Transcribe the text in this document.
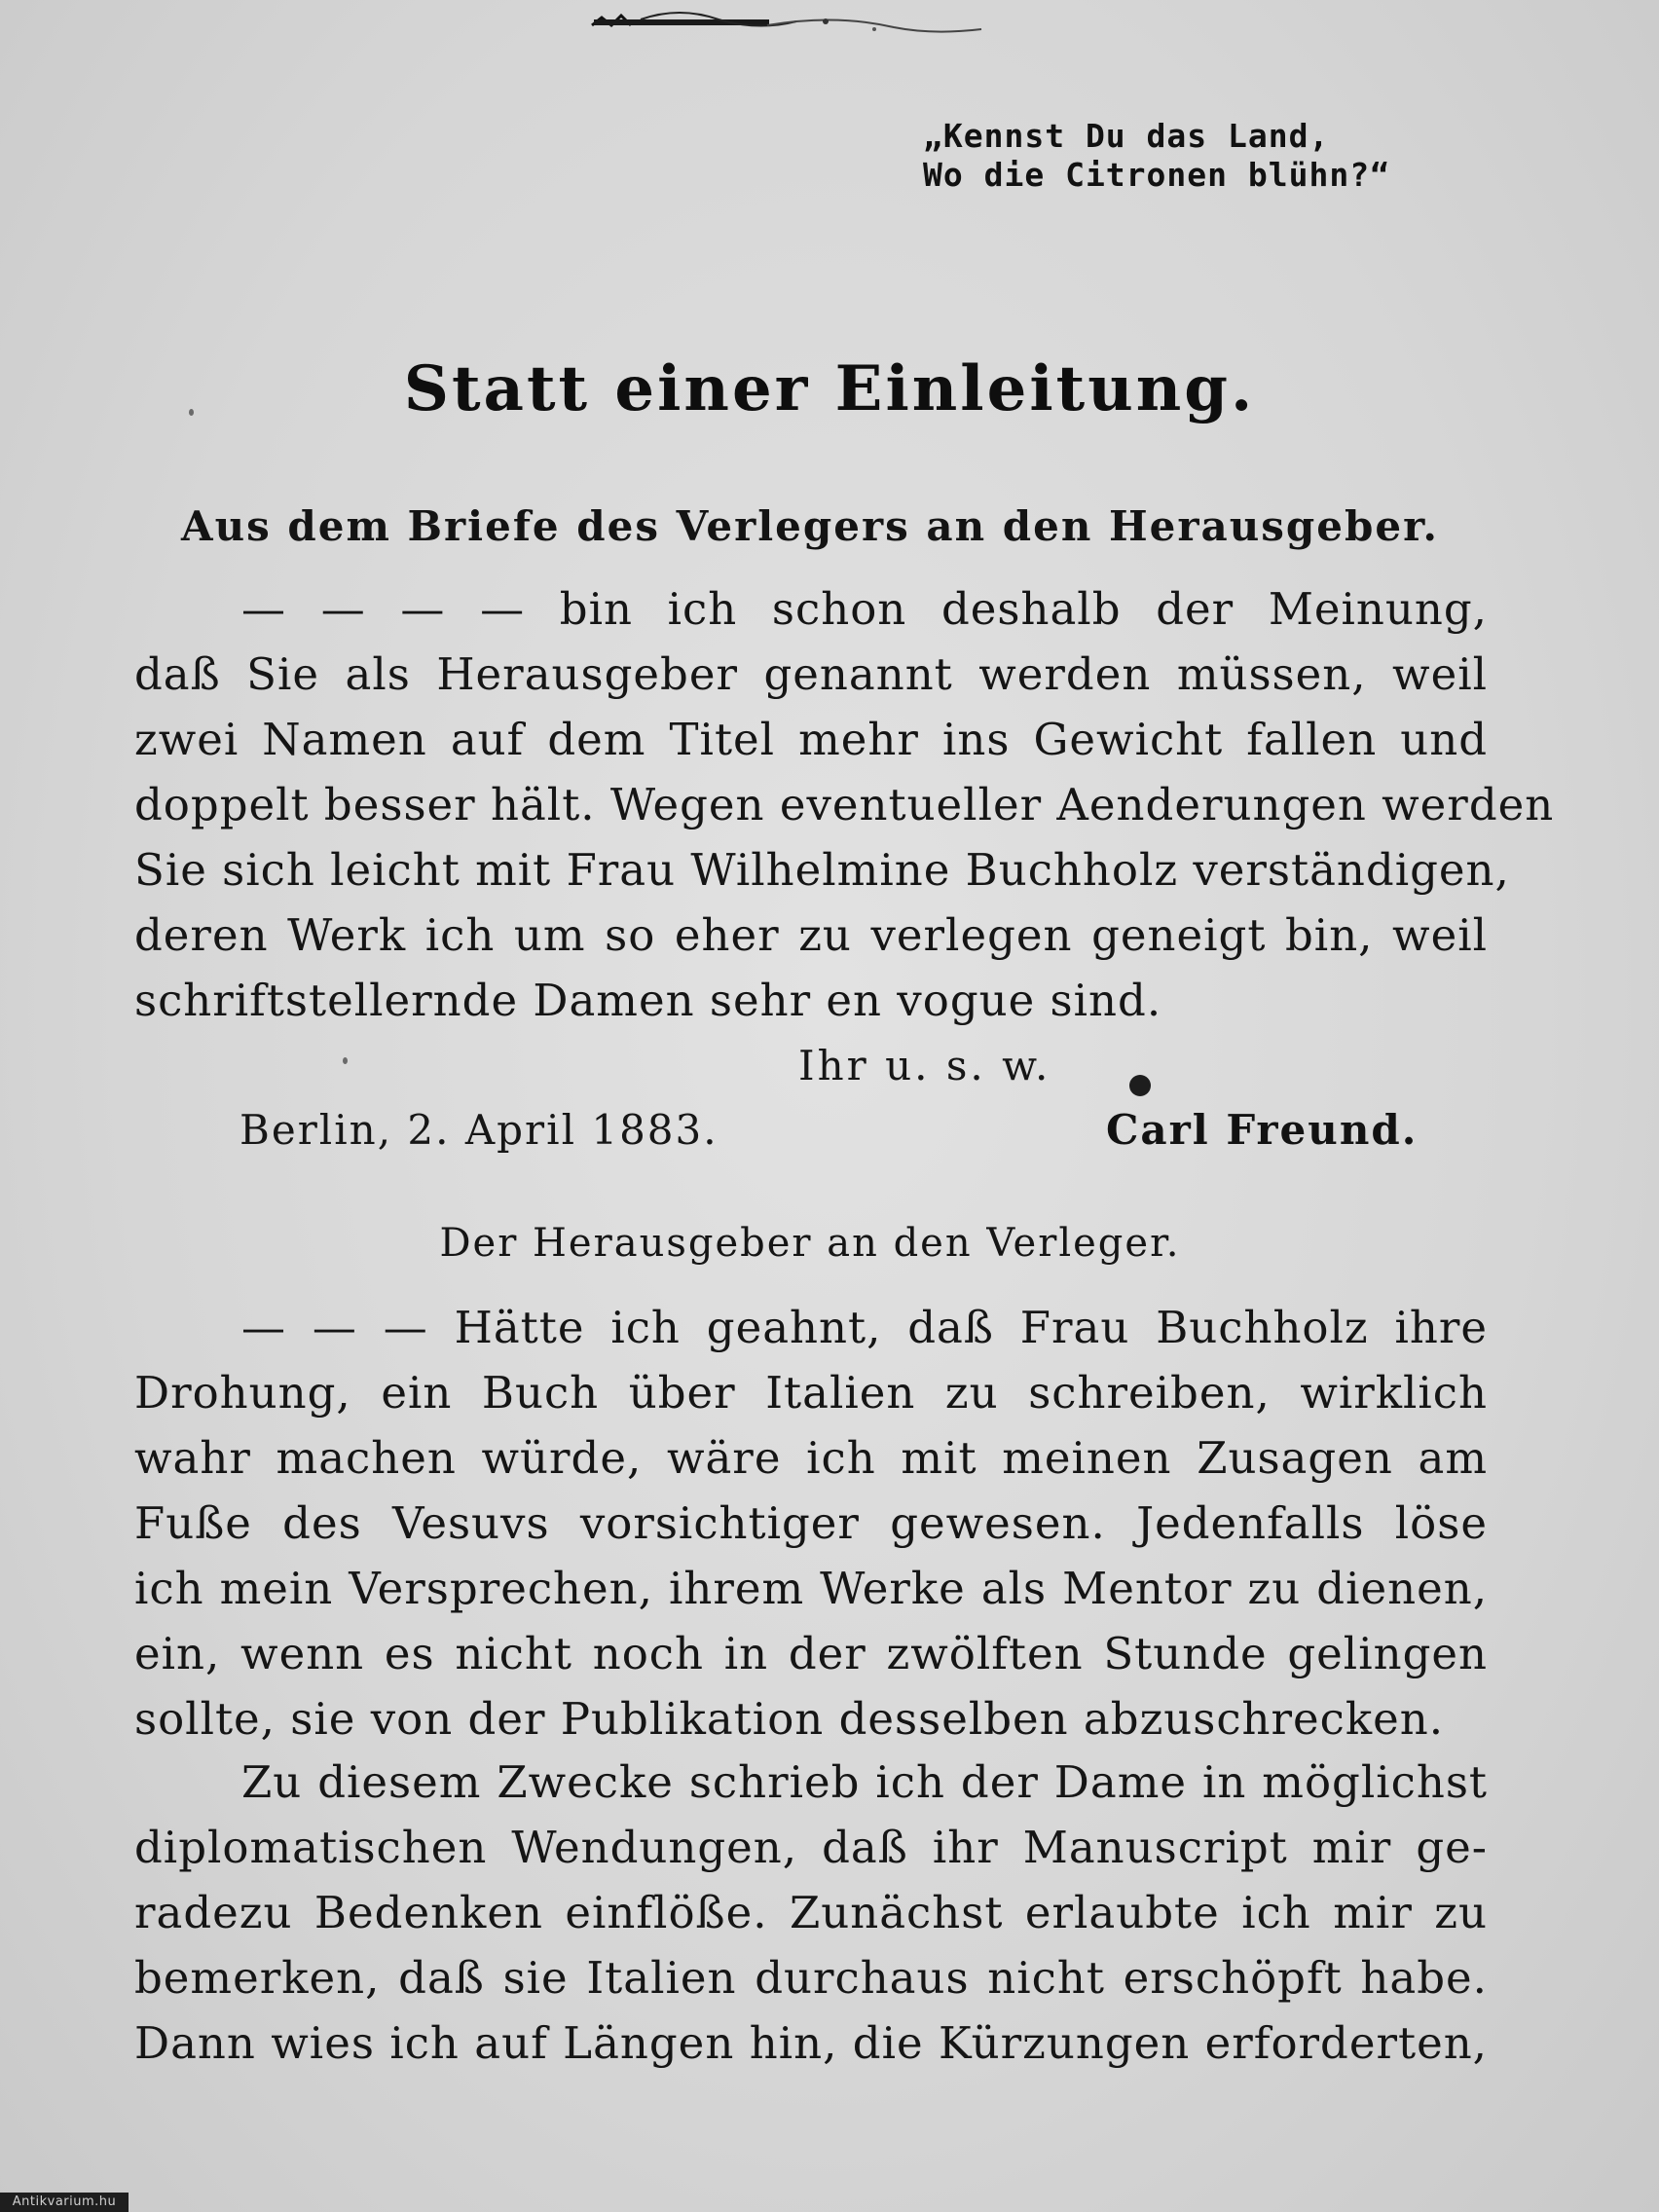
„Kennst Du das Land,
Wo die Citronen blühn?“
Statt einer Einleitung.
Aus dem Briefe des Verlegers an den Herausgeber.
— — — — bin ich schon deshalb der Meinung,
daß Sie als Herausgeber genannt werden müssen, weil
zwei Namen auf dem Titel mehr ins Gewicht fallen und
doppelt besser hält. Wegen eventueller Aenderungen werden
Sie sich leicht mit Frau Wilhelmine Buchholz verständigen,
deren Werk ich um so eher zu verlegen geneigt bin, weil
schriftstellernde Damen sehr en vogue sind.
Ihr u. s. w.
Berlin, 2. April 1883.	Carl Freund.
Der Herausgeber an den Verleger.
— — — Hätte ich geahnt, daß Frau Buchholz ihre
Drohung, ein Buch über Italien zu schreiben, wirklich
wahr machen würde, wäre ich mit meinen Zusagen am
Fuße des Vesuvs vorsichtiger gewesen. Jedenfalls löse
ich mein Versprechen, ihrem Werke als Mentor zu dienen,
ein, wenn es nicht noch in der zwölften Stunde gelingen
sollte, sie von der Publikation desselben abzuschrecken.
Zu diesem Zwecke schrieb ich der Dame in möglichst
diplomatischen Wendungen, daß ihr Manuscript mir ge-
radezu Bedenken einflöße. Zunächst erlaubte ich mir zu
bemerken, daß sie Italien durchaus nicht erschöpft habe.
Dann wies ich auf Längen hin, die Kürzungen erforderten,
Antikvarium.hu
